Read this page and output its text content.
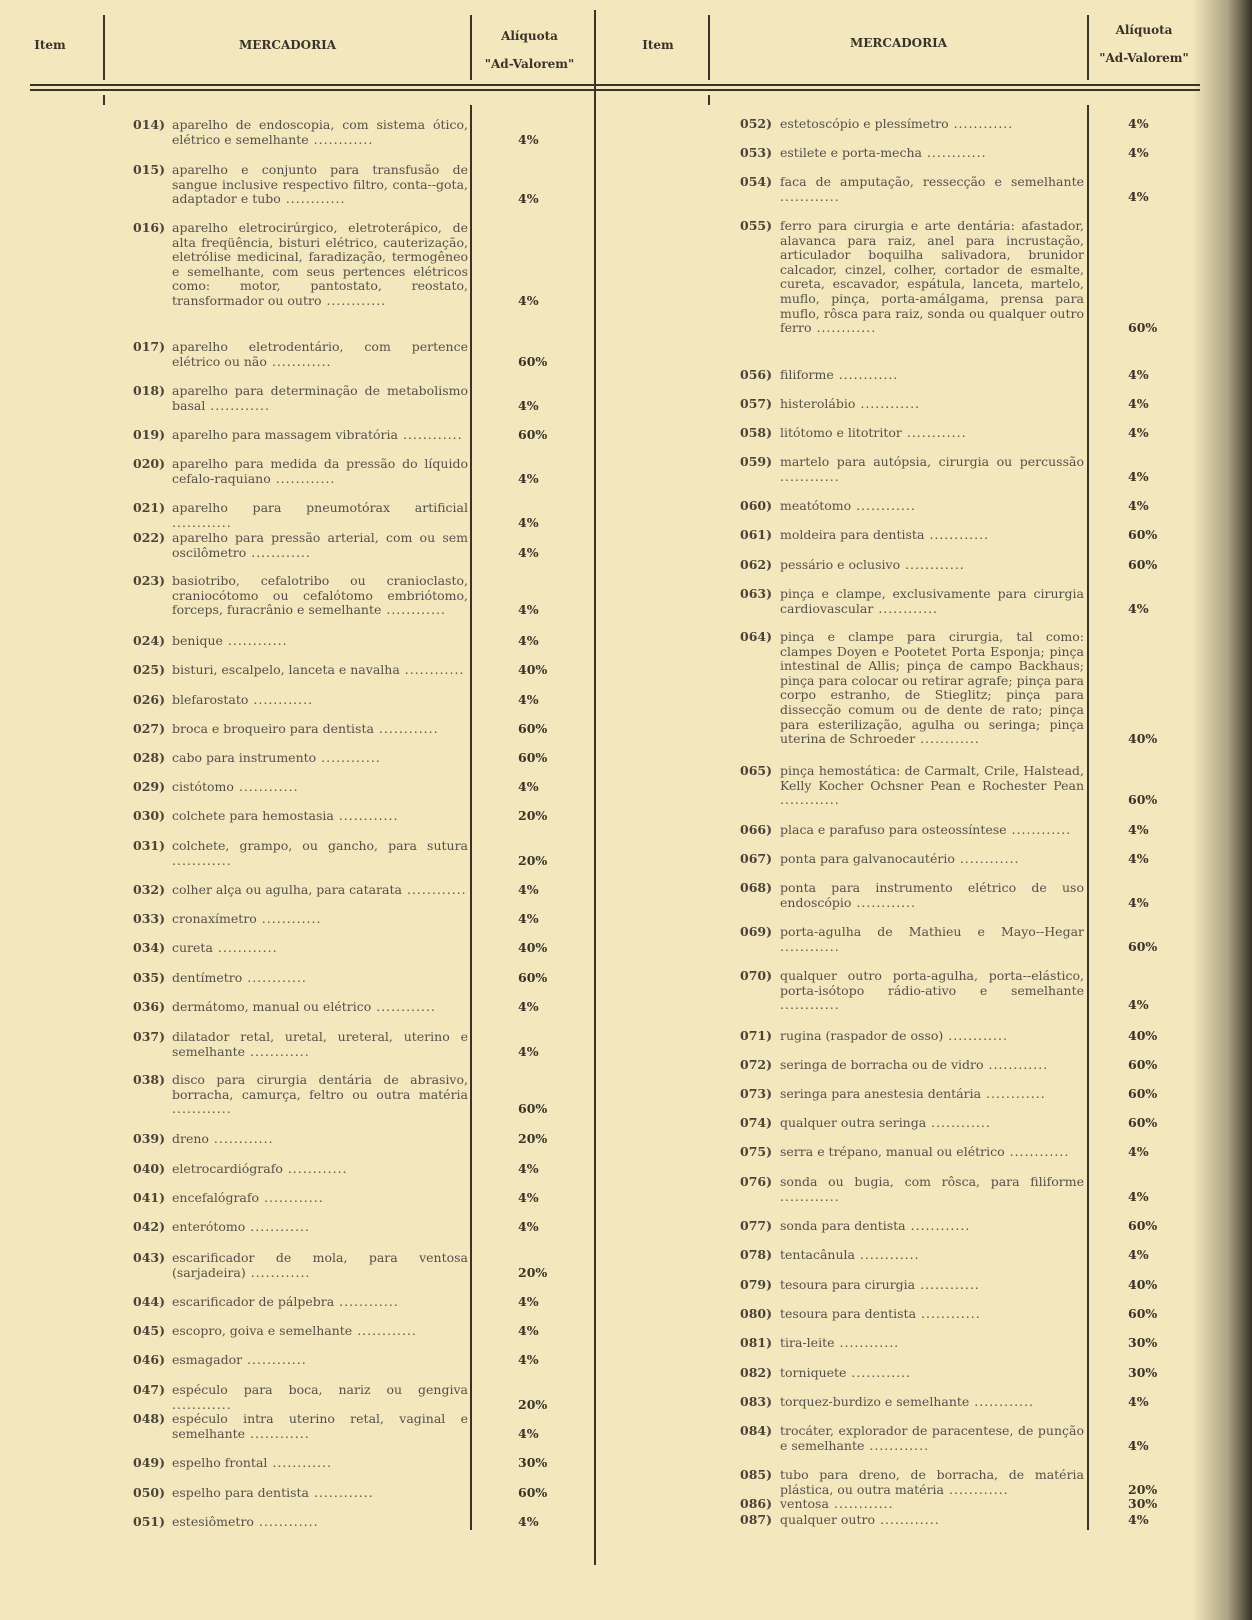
Item	MERCADORIA
Alíquota
"Ad-Valorem"
Item	MERCADORIA
Alíquota
"Ad-Valorem"
014) aparelho de endoscopia, com sistema ótico, elétrico e semelhante .....	4%
015) aparelho e conjunto para transfusão de sangue inclusive respectivo filtro, conta--gota, adaptador e tubo .....	4%
016) aparelho eletrocirúrgico, eletroterápico, de alta freqüência, bisturi elétrico, cauterização, eletrólise medicinal, faradização, termogêneo e semelhante, com seus pertences elétricos como: motor, pantostato, reostato, transformador ou outro .....	4%
017) aparelho eletrodentário, com pertence elétrico ou não .....	60%
018) aparelho para determinação de metabolismo basal .....	4%
019) aparelho para massagem vibratória .....	60%
020) aparelho para medida da pressão do líquido cefalo-raquiano .....	4%
021) aparelho para pneumotórax artificial .....
4%
022) aparelho para pressão arterial, com ou sem oscilômetro .....	4%
023) basiotribo, cefalotribo ou cranioclasto, craniocótomo ou cefalótomo embriótomo, forceps, furacrânio e semelhante .....	4%
024) benique .....	4%
025) bisturi, escalpelo, lanceta e navalha .....	40%
026) blefarostato .....	4%
027) broca e broqueiro para dentista .....	60%
028) cabo para instrumento .....	60%
029) cistótomo .....	4%
030) colchete para hemostasia .....	20%
031) colchete, grampo, ou gancho, para sutura .....
20%
032) colher alça ou agulha, para catarata .....	4%
033) cronaxímetro .....	4%
034) cureta .....	40%
035) dentímetro .....	60%
036) dermátomo, manual ou elétrico .....	4%
037) dilatador retal, uretal, ureteral, uterino e semelhante .....	4%
038) disco para cirurgia dentária de abrasivo, borracha, camurça, feltro ou outra matéria .....
60%
039) dreno .....	20%
040) eletrocardiógrafo .....	4%
041) encefalógrafo .....	4%
042) enterótomo .....	4%
043) escarificador de mola, para ventosa (sarjadeira) .....	20%
044) escarificador de pálpebra .....	4%
045) escopro, goiva e semelhante .....	4%
046) esmagador .....	4%
047) espéculo para boca, nariz ou gengiva .....
20%
048) espéculo intra uterino retal, vaginal e semelhante .....	4%
049) espelho frontal .....	30%
050) espelho para dentista .....	60%
051) estesiômetro .....	4%
052) estetoscópio e plessímetro .....	4%
053) estilete e porta-mecha .....	4%
054) faca de amputação, ressecção e semelhante .....
4%
055) ferro para cirurgia e arte dentária: afastador, alavanca para raiz, anel para incrustação, articulador boquilha salivadora, brunidor calcador, cinzel, colher, cortador de esmalte, cureta, escavador, espátula, lanceta, martelo, muflo, pinça, porta-amálgama, prensa para muflo, rôsca para raiz, sonda ou qualquer outro ferro .....	60%
056) filiforme .....	4%
057) histerolábio .....	4%
058) litótomo e litotritor .....	4%
059) martelo para autópsia, cirurgia ou percussão .....
4%
060) meatótomo .....	4%
061) moldeira para dentista .....	60%
062) pessário e oclusivo .....	60%
063) pinça e clampe, exclusivamente para cirurgia cardiovascular .....	4%
064) pinça e clampe para cirurgia, tal como: clampes Doyen e Pootetet Porta Esponja; pinça intestinal de Allis; pinça de campo Backhaus; pinça para colocar ou retirar agrafe; pinça para corpo estranho, de Stieglitz; pinça para dissecção comum ou de dente de rato; pinça para esterilização, agulha ou seringa; pinça uterina de Schroeder .....	40%
065) pinça hemostática: de Carmalt, Crile, Halstead, Kelly Kocher Ochsner Pean e Rochester Pean .....
60%
066) placa e parafuso para osteossíntese .....	4%
067) ponta para galvanocautério .....	4%
068) ponta para instrumento elétrico de uso endoscópio .....	4%
069) porta-agulha de Mathieu e Mayo--Hegar .....
60%
070) qualquer outro porta-agulha, porta--elástico, porta-isótopo rádio-ativo e semelhante .....
4%
071) rugina (raspador de osso) .....	40%
072) seringa de borracha ou de vidro .....	60%
073) seringa para anestesia dentária .....	60%
074) qualquer outra seringa .....	60%
075) serra e trépano, manual ou elétrico .....	4%
076) sonda ou bugia, com rôsca, para filiforme .....
4%
077) sonda para dentista .....	60%
078) tentacânula .....	4%
079) tesoura para cirurgia .....	40%
080) tesoura para dentista .....	60%
081) tira-leite .....	30%
082) torniquete .....	30%
083) torquez-burdizo e semelhante .....	4%
084) trocáter, explorador de paracentese, de punção e semelhante .....	4%
085) tubo para dreno, de borracha, de matéria plástica, ou outra matéria .....	20%
086) ventosa .....	30%
087) qualquer outro .....	4%
